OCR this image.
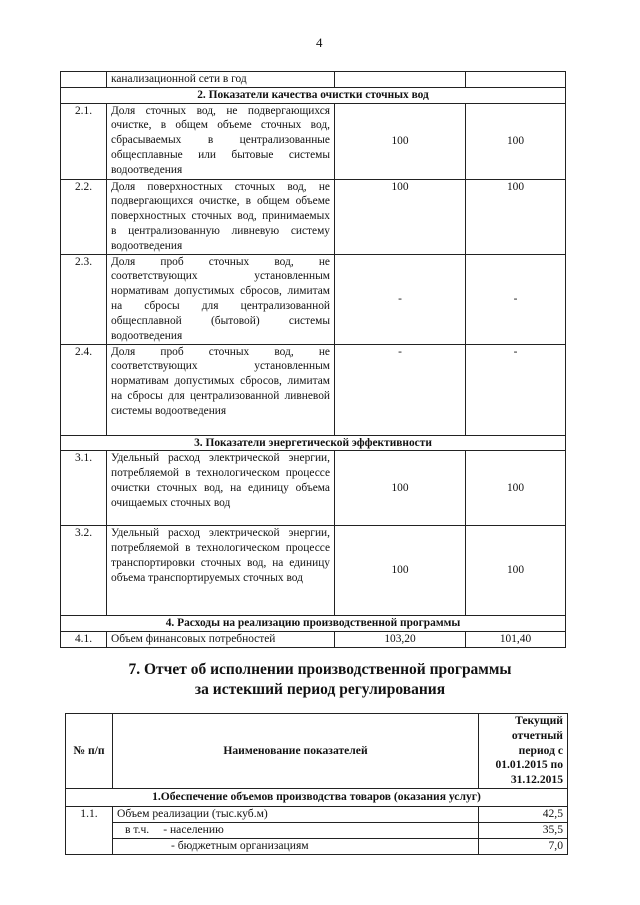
4
	канализационной сети в год		
2. Показатели качества очистки сточных вод			
2.1.	Доля сточных вод, не подвергающихся очистке, в общем объеме сточных вод, сбрасываемых в централизованные общесплавные или бытовые системы водоотведения	100	100
2.2.	Доля поверхностных сточных вод, не подвергающихся очистке, в общем объеме поверхностных сточных вод, принимаемых в централизованную ливневую систему водоотведения	100	100
2.3.	Доля проб сточных вод, не соответствующих установленным нормативам допустимых сбросов, лимитам на сбросы для централизованной общесплавной (бытовой) системы водоотведения	-	-
2.4.	Доля проб сточных вод, не соответствующих установленным нормативам допустимых сбросов, лимитам на сбросы для централизованной ливневой системы водоотведения	-	-
3. Показатели энергетической эффективности			
3.1.	Удельный расход электрической энергии, потребляемой в технологическом процессе очистки сточных вод, на единицу объема очищаемых сточных вод	100	100
3.2.	Удельный расход электрической энергии, потребляемой в технологическом процессе транспортировки сточных вод, на единицу объема транспортируемых сточных вод	100	100
4. Расходы на реализацию производственной программы			
4.1.	Объем финансовых потребностей	103,20	101,40
7. Отчет об исполнении производственной программы
за истекший период регулирования
№ п/п	Наименование показателей	Текущий отчетный период с 01.01.2015 по 31.12.2015
1.Обеспечение объемов производства товаров (оказания услуг)		
1.1.	Объем реализации (тыс.куб.м)	42,5
	в т.ч. - населению	35,5
	- бюджетным организациям	7,0
